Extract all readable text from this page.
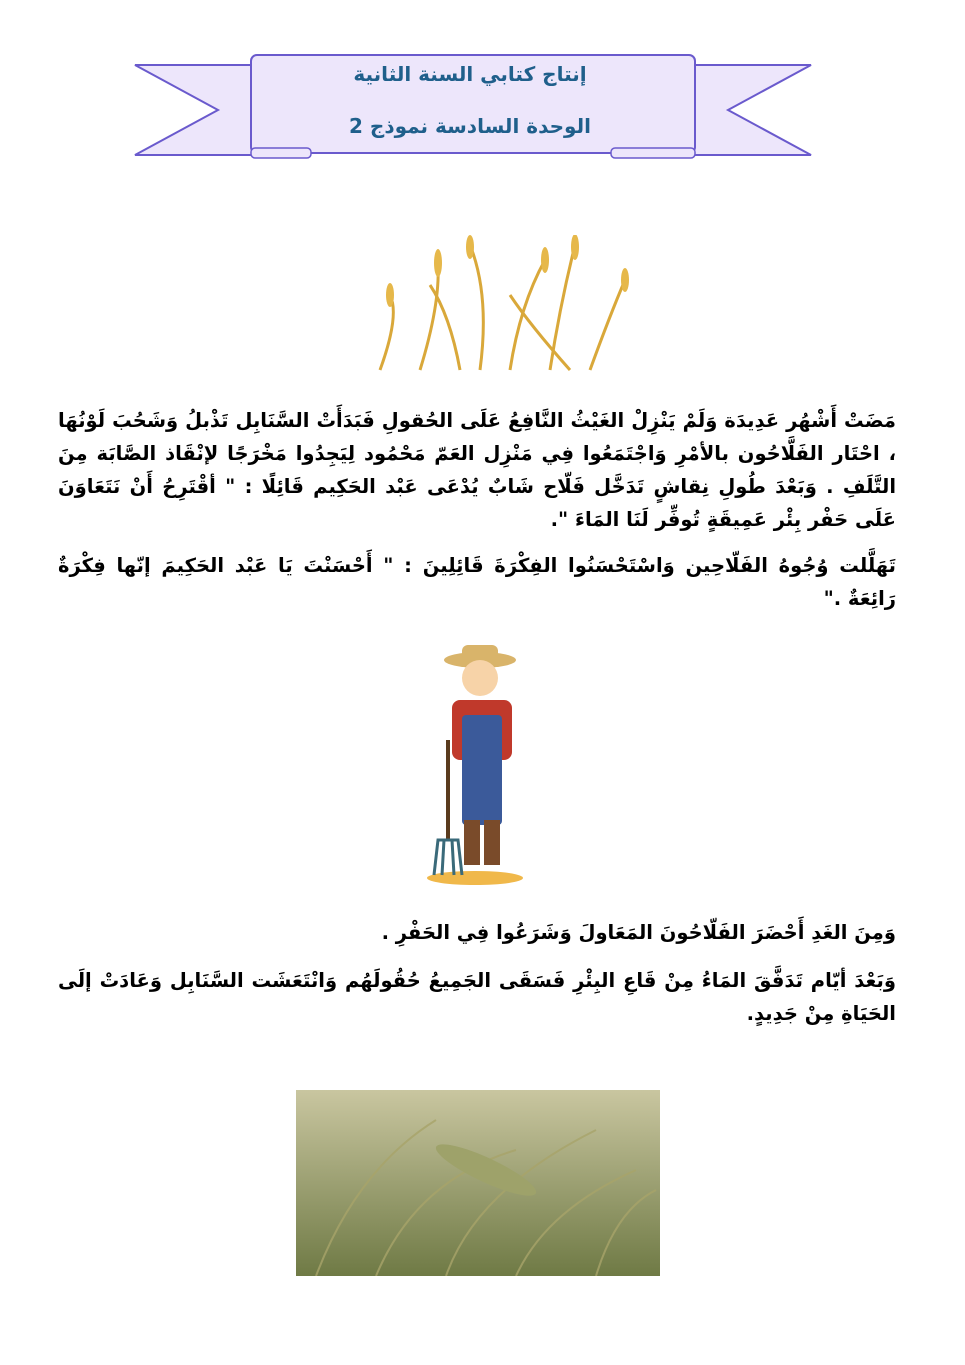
إنتاج كتابي السنة الثانية
الوحدة السادسة نموذج 2
مَضَتْ أَشْهُر عَدِيدَة وَلَمْ يَنْزِلْ الغَيْثُ النَّافِعُ عَلَى الحُقولِ فَبَدَأَتْ السَّنَابِل تَذْبلُ وَشَحُبَ لَوْنُهَا ، احْتَار الفَلَّاحُون بالأمْرِ وَاجْتَمَعُوا فِي مَنْزِل العَمّ مَحْمُود لِيَجِدُوا مَخْرَجًا لإنْقَاذ الصَّابَة مِنَ التَّلَفِ . وَبَعْدَ طُولِ نِقاشٍ تَدَخَّل فَلّاح شَابٌ يُدْعَى عَبْد الحَكِيم قَائِلًا : " أقْتَرِحُ أَنْ نَتَعَاوَنَ عَلَى حَفْر بِئْر عَمِيقَةٍ تُوفِّر لَنَا المَاءَ ".
تَهَلَّلت وُجُوهُ الفَلّاحِين وَاسْتَحْسَنُوا الفِكْرَةَ قَائِلِينَ : " أَحْسَنْتَ يَا عَبْد الحَكِيمَ إنّها فِكْرَةٌ رَائِعَةٌ ."
وَمِنَ الغَدِ أَحْضَرَ الفَلّاحُونَ المَعَاولَ وَشَرَعُوا فِي الحَفْرِ .
وَبَعْدَ أيّام تَدَفَّقَ المَاءُ مِنْ قَاعِ البِئْرِ فَسَقَى الجَمِيعُ حُقُولَهُم وَانْتَعَشَت السَّنَابِل وَعَادَتْ إلَى الحَيَاةِ مِنْ جَدِيدٍ.
